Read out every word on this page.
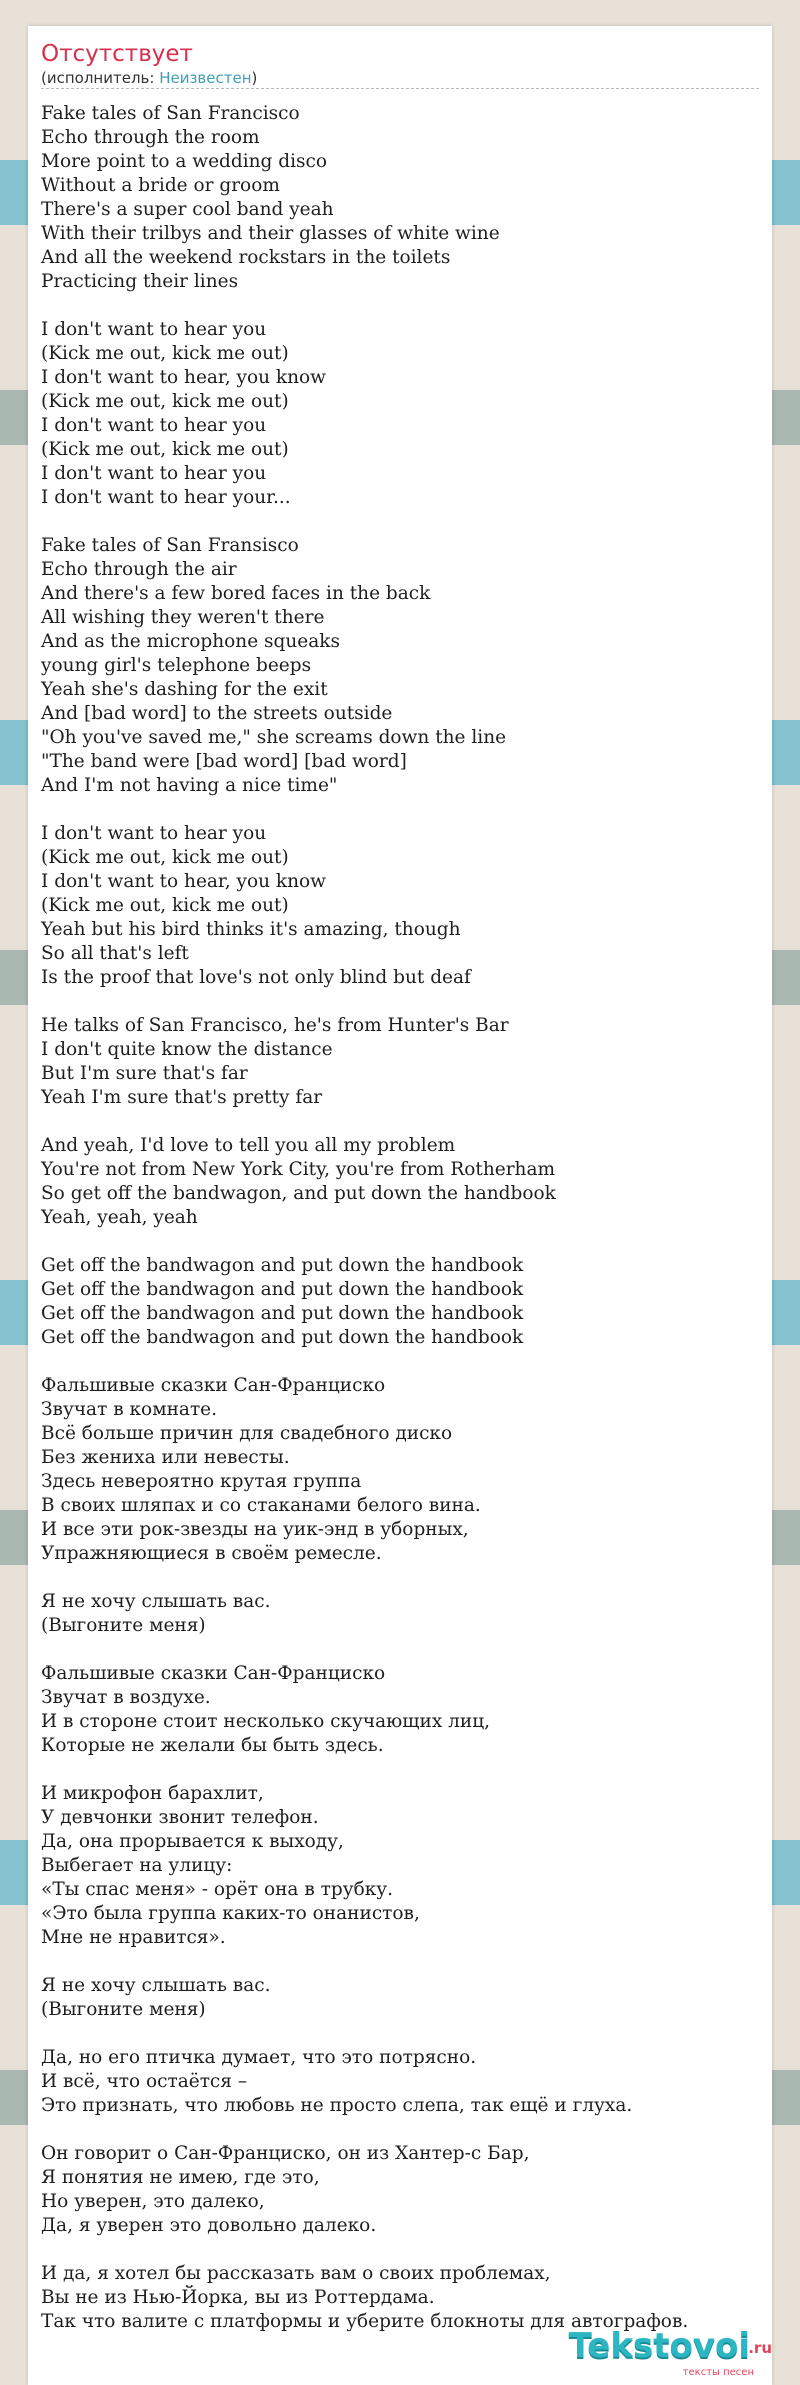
Отсутствует
(исполнитель: Неизвестен)
Fake tales of San Francisco
Echo through the room
More point to a wedding disco
Without a bride or groom
There's a super cool band yeah
With their trilbys and their glasses of white wine
And all the weekend rockstars in the toilets
Practicing their lines
I don't want to hear you
(Kick me out, kick me out)
I don't want to hear, you know
(Kick me out, kick me out)
I don't want to hear you
(Kick me out, kick me out)
I don't want to hear you
I don't want to hear your...
Fake tales of San Fransisco
Echo through the air
And there's a few bored faces in the back
All wishing they weren't there
And as the microphone squeaks
young girl's telephone beeps
Yeah she's dashing for the exit
And [bad word] to the streets outside
"Oh you've saved me," she screams down the line
"The band were [bad word] [bad word]
And I'm not having a nice time"
I don't want to hear you
(Kick me out, kick me out)
I don't want to hear, you know
(Kick me out, kick me out)
Yeah but his bird thinks it's amazing, though
So all that's left
Is the proof that love's not only blind but deaf
He talks of San Francisco, he's from Hunter's Bar
I don't quite know the distance
But I'm sure that's far
Yeah I'm sure that's pretty far
And yeah, I'd love to tell you all my problem
You're not from New York City, you're from Rotherham
So get off the bandwagon, and put down the handbook
Yeah, yeah, yeah
Get off the bandwagon and put down the handbook
Get off the bandwagon and put down the handbook
Get off the bandwagon and put down the handbook
Get off the bandwagon and put down the handbook
Фальшивые сказки Сан-Франциско
Звучат в комнате.
Всё больше причин для свадебного диско
Без жениха или невесты.
Здесь невероятно крутая группа
В своих шляпах и со стаканами белого вина.
И все эти рок-звезды на уик-энд в уборных,
Упражняющиеся в своём ремесле.
Я не хочу слышать вас.
(Выгоните меня)
Фальшивые сказки Сан-Франциско
Звучат в воздухе.
И в стороне стоит несколько скучающих лиц,
Которые не желали бы быть здесь.
И микрофон барахлит,
У девчонки звонит телефон.
Да, она прорывается к выходу,
Выбегает на улицу:
«Ты спас меня» - орёт она в трубку.
«Это была группа каких-то онанистов,
Мне не нравится».
Я не хочу слышать вас.
(Выгоните меня)
Да, но его птичка думает, что это потрясно.
И всё, что остаётся –
Это признать, что любовь не просто слепа, так ещё и глуха.
Он говорит о Сан-Франциско, он из Хантер-с Бар,
Я понятия не имею, где это,
Но уверен, это далеко,
Да, я уверен это довольно далеко.
И да, я хотел бы рассказать вам о своих проблемах,
Вы не из Нью-Йорка, вы из Роттердама.
Так что валите с платформы и уберите блокноты для автографов.
Tekstovoi
.ru
тексты песен
